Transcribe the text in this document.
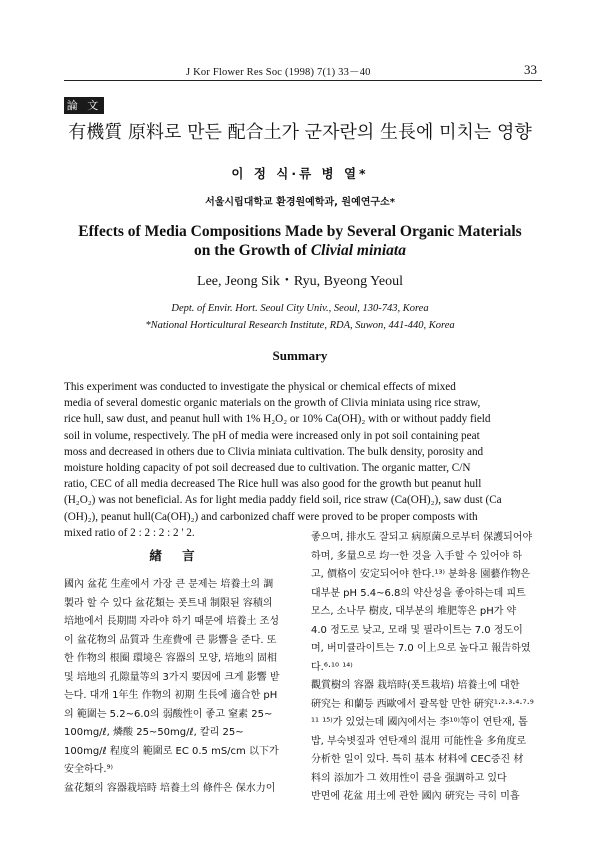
J Kor Flower Res Soc (1998) 7(1) 33－40	33
論 文
有機質 原料로 만든 配合土가 군자란의 生長에 미치는 영향
이 정 식·류 병 열*
서울시립대학교 환경원예학과, 원예연구소*
Effects of Media Compositions Made by Several Organic Materials
on the Growth of Clivial miniata
Lee, Jeong Sik・Ryu, Byeong Yeoul
Dept. of Envir. Hort. Seoul City Univ., Seoul, 130-743, Korea
*National Horticultural Research Institute, RDA, Suwon, 441-440, Korea
Summary
This experiment was conducted to investigate the physical or chemical effects of mixed
media of several domestic organic materials on the growth of Clivia miniata using rice straw,
rice hull, saw dust, and peanut hull with 1% H₂O₂ or 10% Ca(OH)₂ with or without paddy field
soil in volume, respectively. The pH of media were increased only in pot soil containing peat
moss and decreased in others due to Clivia miniata cultivation. The bulk density, porosity and
moisture holding capacity of pot soil decreased due to cultivation. The organic matter, C/N
ratio, CEC of all media decreased The Rice hull was also good for the growth but peanut hull
(H₂O₂) was not beneficial. As for light media paddy field soil, rice straw (Ca(OH)₂), saw dust (Ca
(OH)₂), peanut hull(Ca(OH)₂) and carbonized chaff were proved to be proper composts with
mixed ratio of 2 : 2 : 2 : 2 ' 2.
緖 言
國內 盆花 生産에서 가장 큰 문제는 培養土의 調
製라 할 수 있다 盆花類는 폿트내 制限된 容積의
培地에서 長期間 자라야 하기 때문에 培養土 조성
이 盆花物의 品質과 生産費에 큰 影響을 준다. 또
한 作物의 根圈 環境은 容器의 모양, 培地의 固相
및 培地의 孔隙量等의 3가지 要因에 크게 影響 받
는다. 대개 1年生 作物의 初期 生長에 適合한 pH
의 範圍는 5.2~6.0의 弱酸性이 좋고 窒素 25~
100mg/ℓ, 燐酸 25~50mg/ℓ, 칼리 25~
100mg/ℓ 程度의 範圍로 EC 0.5 mS/cm 以下가
安全하다.⁹⁾
盆花類의 容器栽培時 培養土의 條件은 保水力이
좋으며, 排水도 잘되고 病原菌으로부터 保護되어야
하며, 多量으로 均一한 것을 入手할 수 있어야 하
고, 價格이 安定되어야 한다.¹³⁾ 분화용 園藝作物은
대부분 pH 5.4~6.8의 약산성을 좋아하는데 피트
모스, 소나무 樹皮, 대부분의 堆肥等은 pH가 약
4.0 정도로 낮고, 모래 및 필라이트는 7.0 정도이
며, 버미큘라이트는 7.0 이上으로 높다고 報告하였
다.⁶·¹⁰ ¹⁴⁾
觀賞樹의 容器 栽培時(폿트栽培) 培養土에 대한
硏究는 和蘭등 西歐에서 괄목할 만한 硏究¹·²·³·⁴·⁷·⁹
¹¹ ¹⁵⁾가 있었는데 國內에서는 李¹⁰⁾等이 연탄재, 톱
밥, 부숙볏짚과 연탄재의 混用 可能性을 多角度로
分析한 일이 있다. 특히 基本 材料에 CEC증진 材
料의 添加가 그 效用性이 큼을 强調하고 있다
반면에 花盆 用土에 관한 國內 硏究는 극히 미흡
